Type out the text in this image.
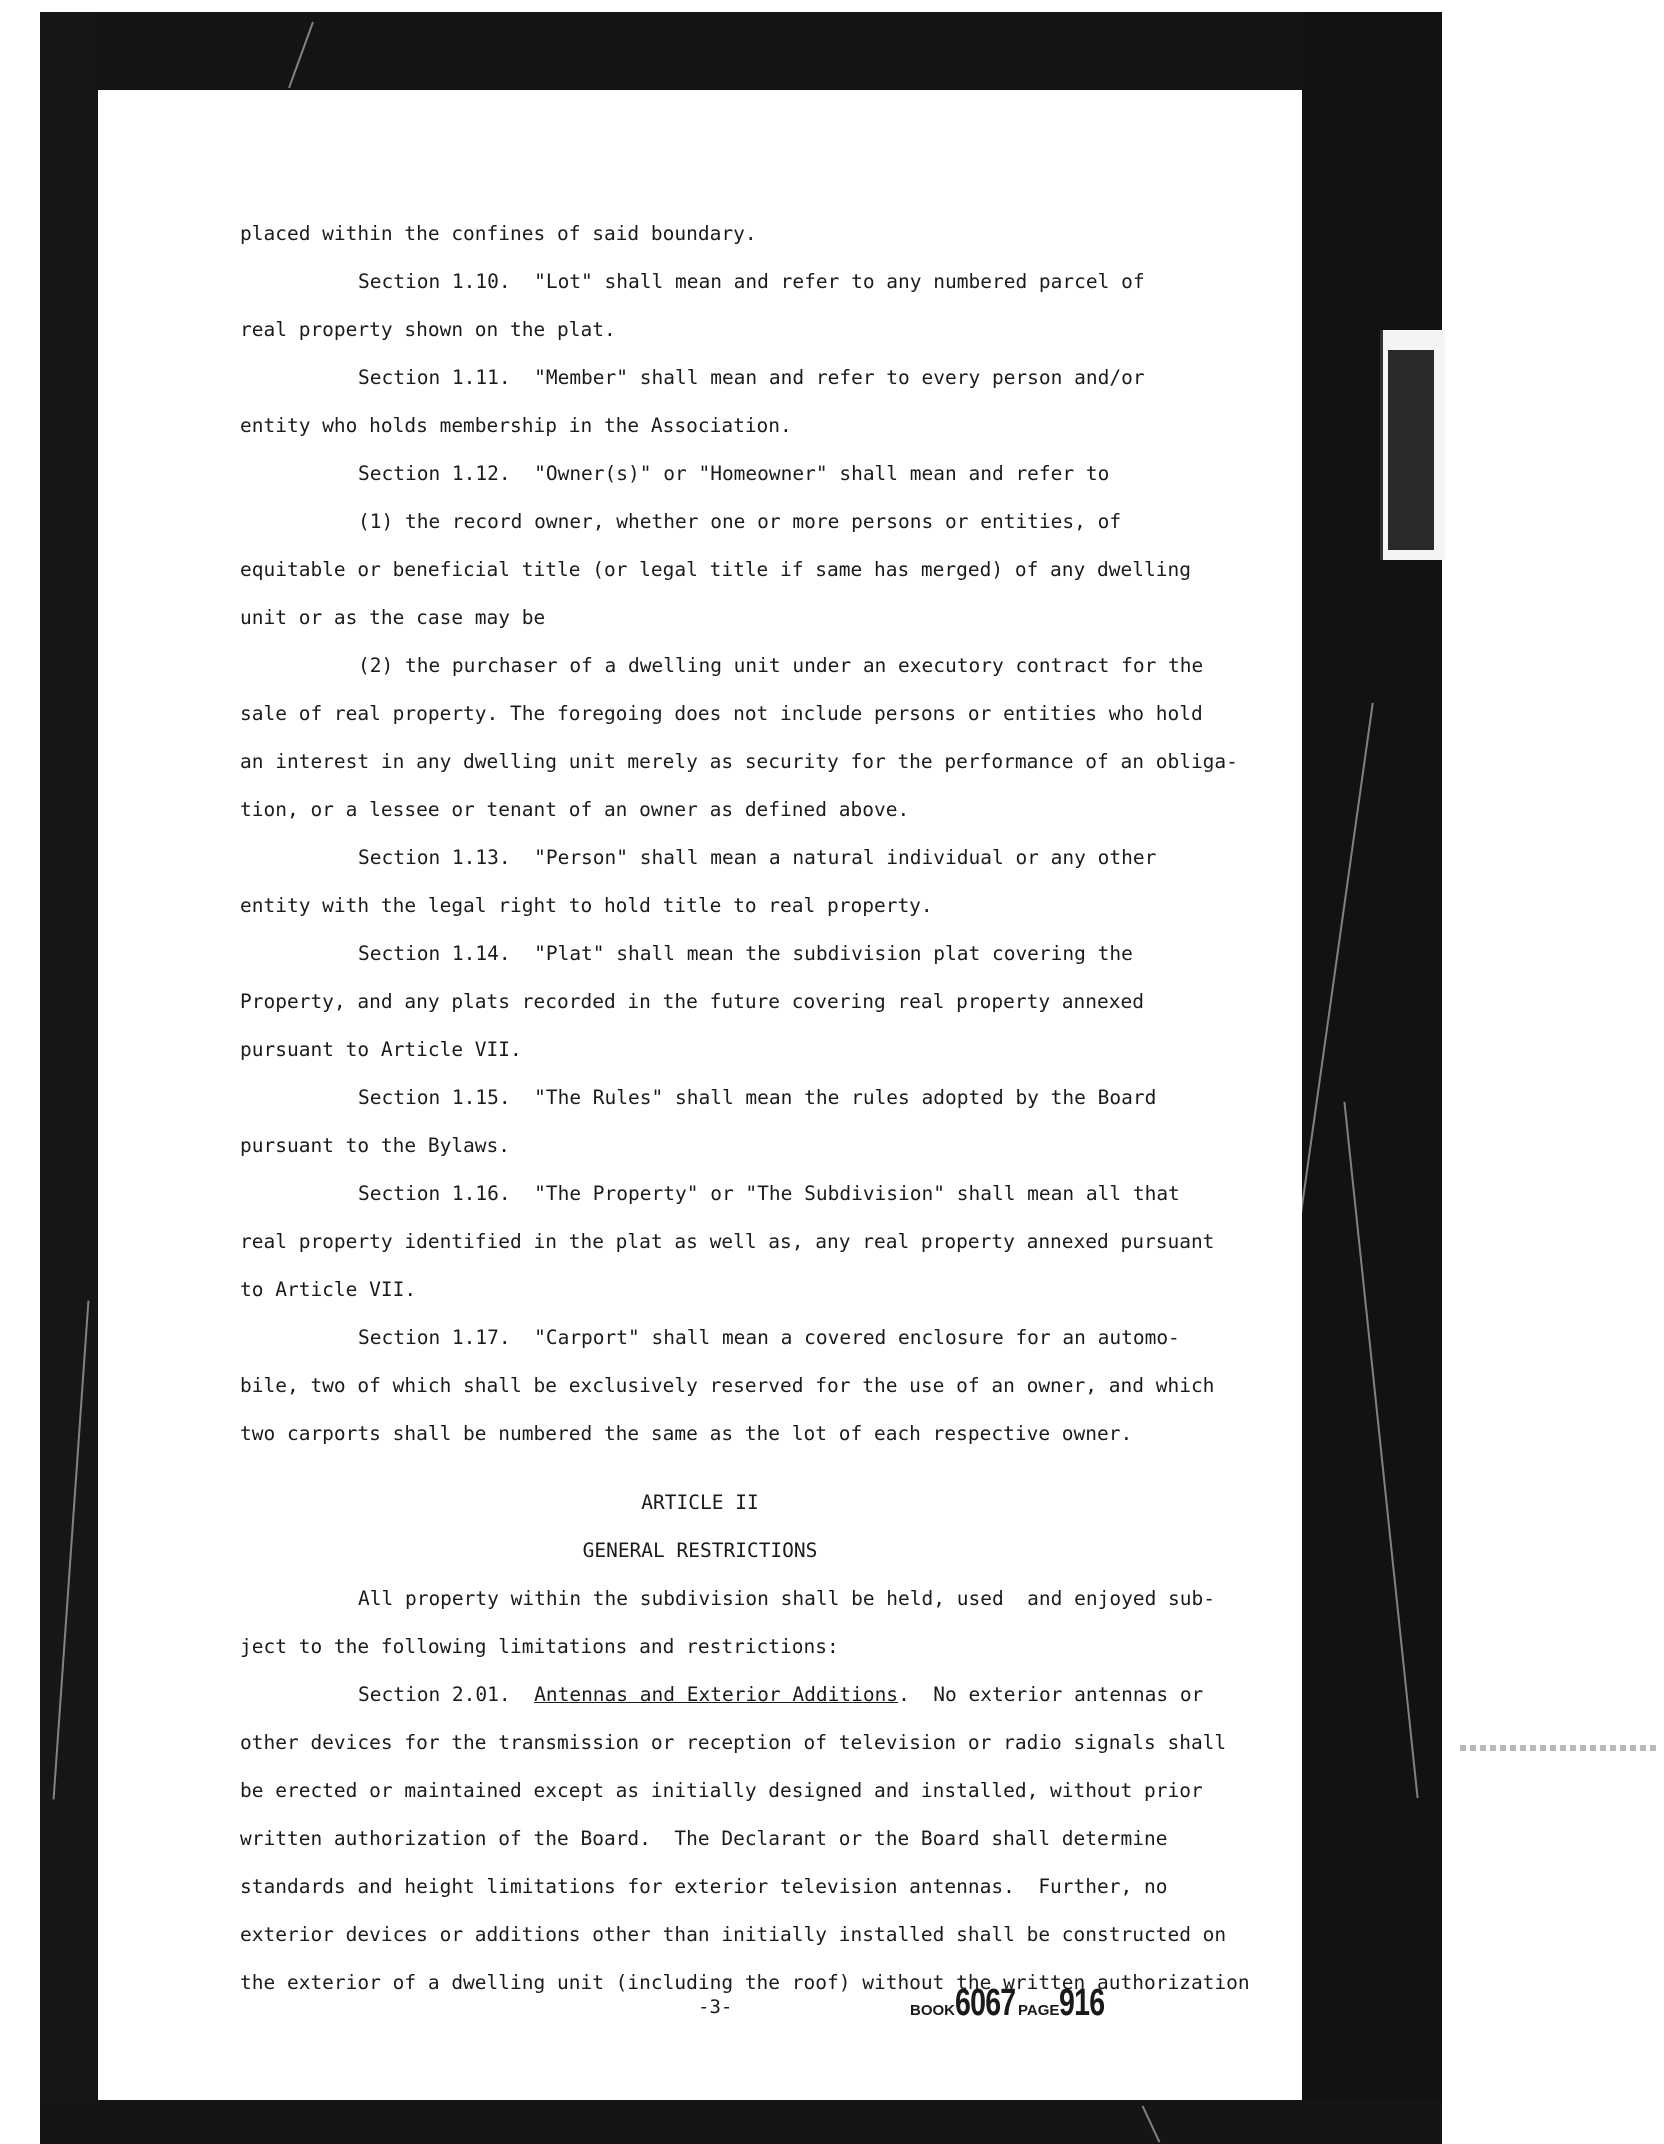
placed within the confines of said boundary.
Section 1.10.  "Lot" shall mean and refer to any numbered parcel of
real property shown on the plat.
Section 1.11.  "Member" shall mean and refer to every person and/or
entity who holds membership in the Association.
Section 1.12.  "Owner(s)" or "Homeowner" shall mean and refer to
(1) the record owner, whether one or more persons or entities, of
equitable or beneficial title (or legal title if same has merged) of any dwelling
unit or as the case may be
(2) the purchaser of a dwelling unit under an executory contract for the
sale of real property. The foregoing does not include persons or entities who hold
an interest in any dwelling unit merely as security for the performance of an obliga-
tion, or a lessee or tenant of an owner as defined above.
Section 1.13.  "Person" shall mean a natural individual or any other
entity with the legal right to hold title to real property.
Section 1.14.  "Plat" shall mean the subdivision plat covering the
Property, and any plats recorded in the future covering real property annexed
pursuant to Article VII.
Section 1.15.  "The Rules" shall mean the rules adopted by the Board
pursuant to the Bylaws.
Section 1.16.  "The Property" or "The Subdivision" shall mean all that
real property identified in the plat as well as, any real property annexed pursuant
to Article VII.
Section 1.17.  "Carport" shall mean a covered enclosure for an automo-
bile, two of which shall be exclusively reserved for the use of an owner, and which
two carports shall be numbered the same as the lot of each respective owner.
ARTICLE II
GENERAL RESTRICTIONS
All property within the subdivision shall be held, used  and enjoyed sub-
ject to the following limitations and restrictions:
Section 2.01. Antennas and Exterior Additions.  No exterior antennas or
other devices for the transmission or reception of television or radio signals shall
be erected or maintained except as initially designed and installed, without prior
written authorization of the Board.  The Declarant or the Board shall determine
standards and height limitations for exterior television antennas.  Further, no
exterior devices or additions other than initially installed shall be constructed on
the exterior of a dwelling unit (including the roof) without the written authorization
-3-	BOOK6067 PAGE916
